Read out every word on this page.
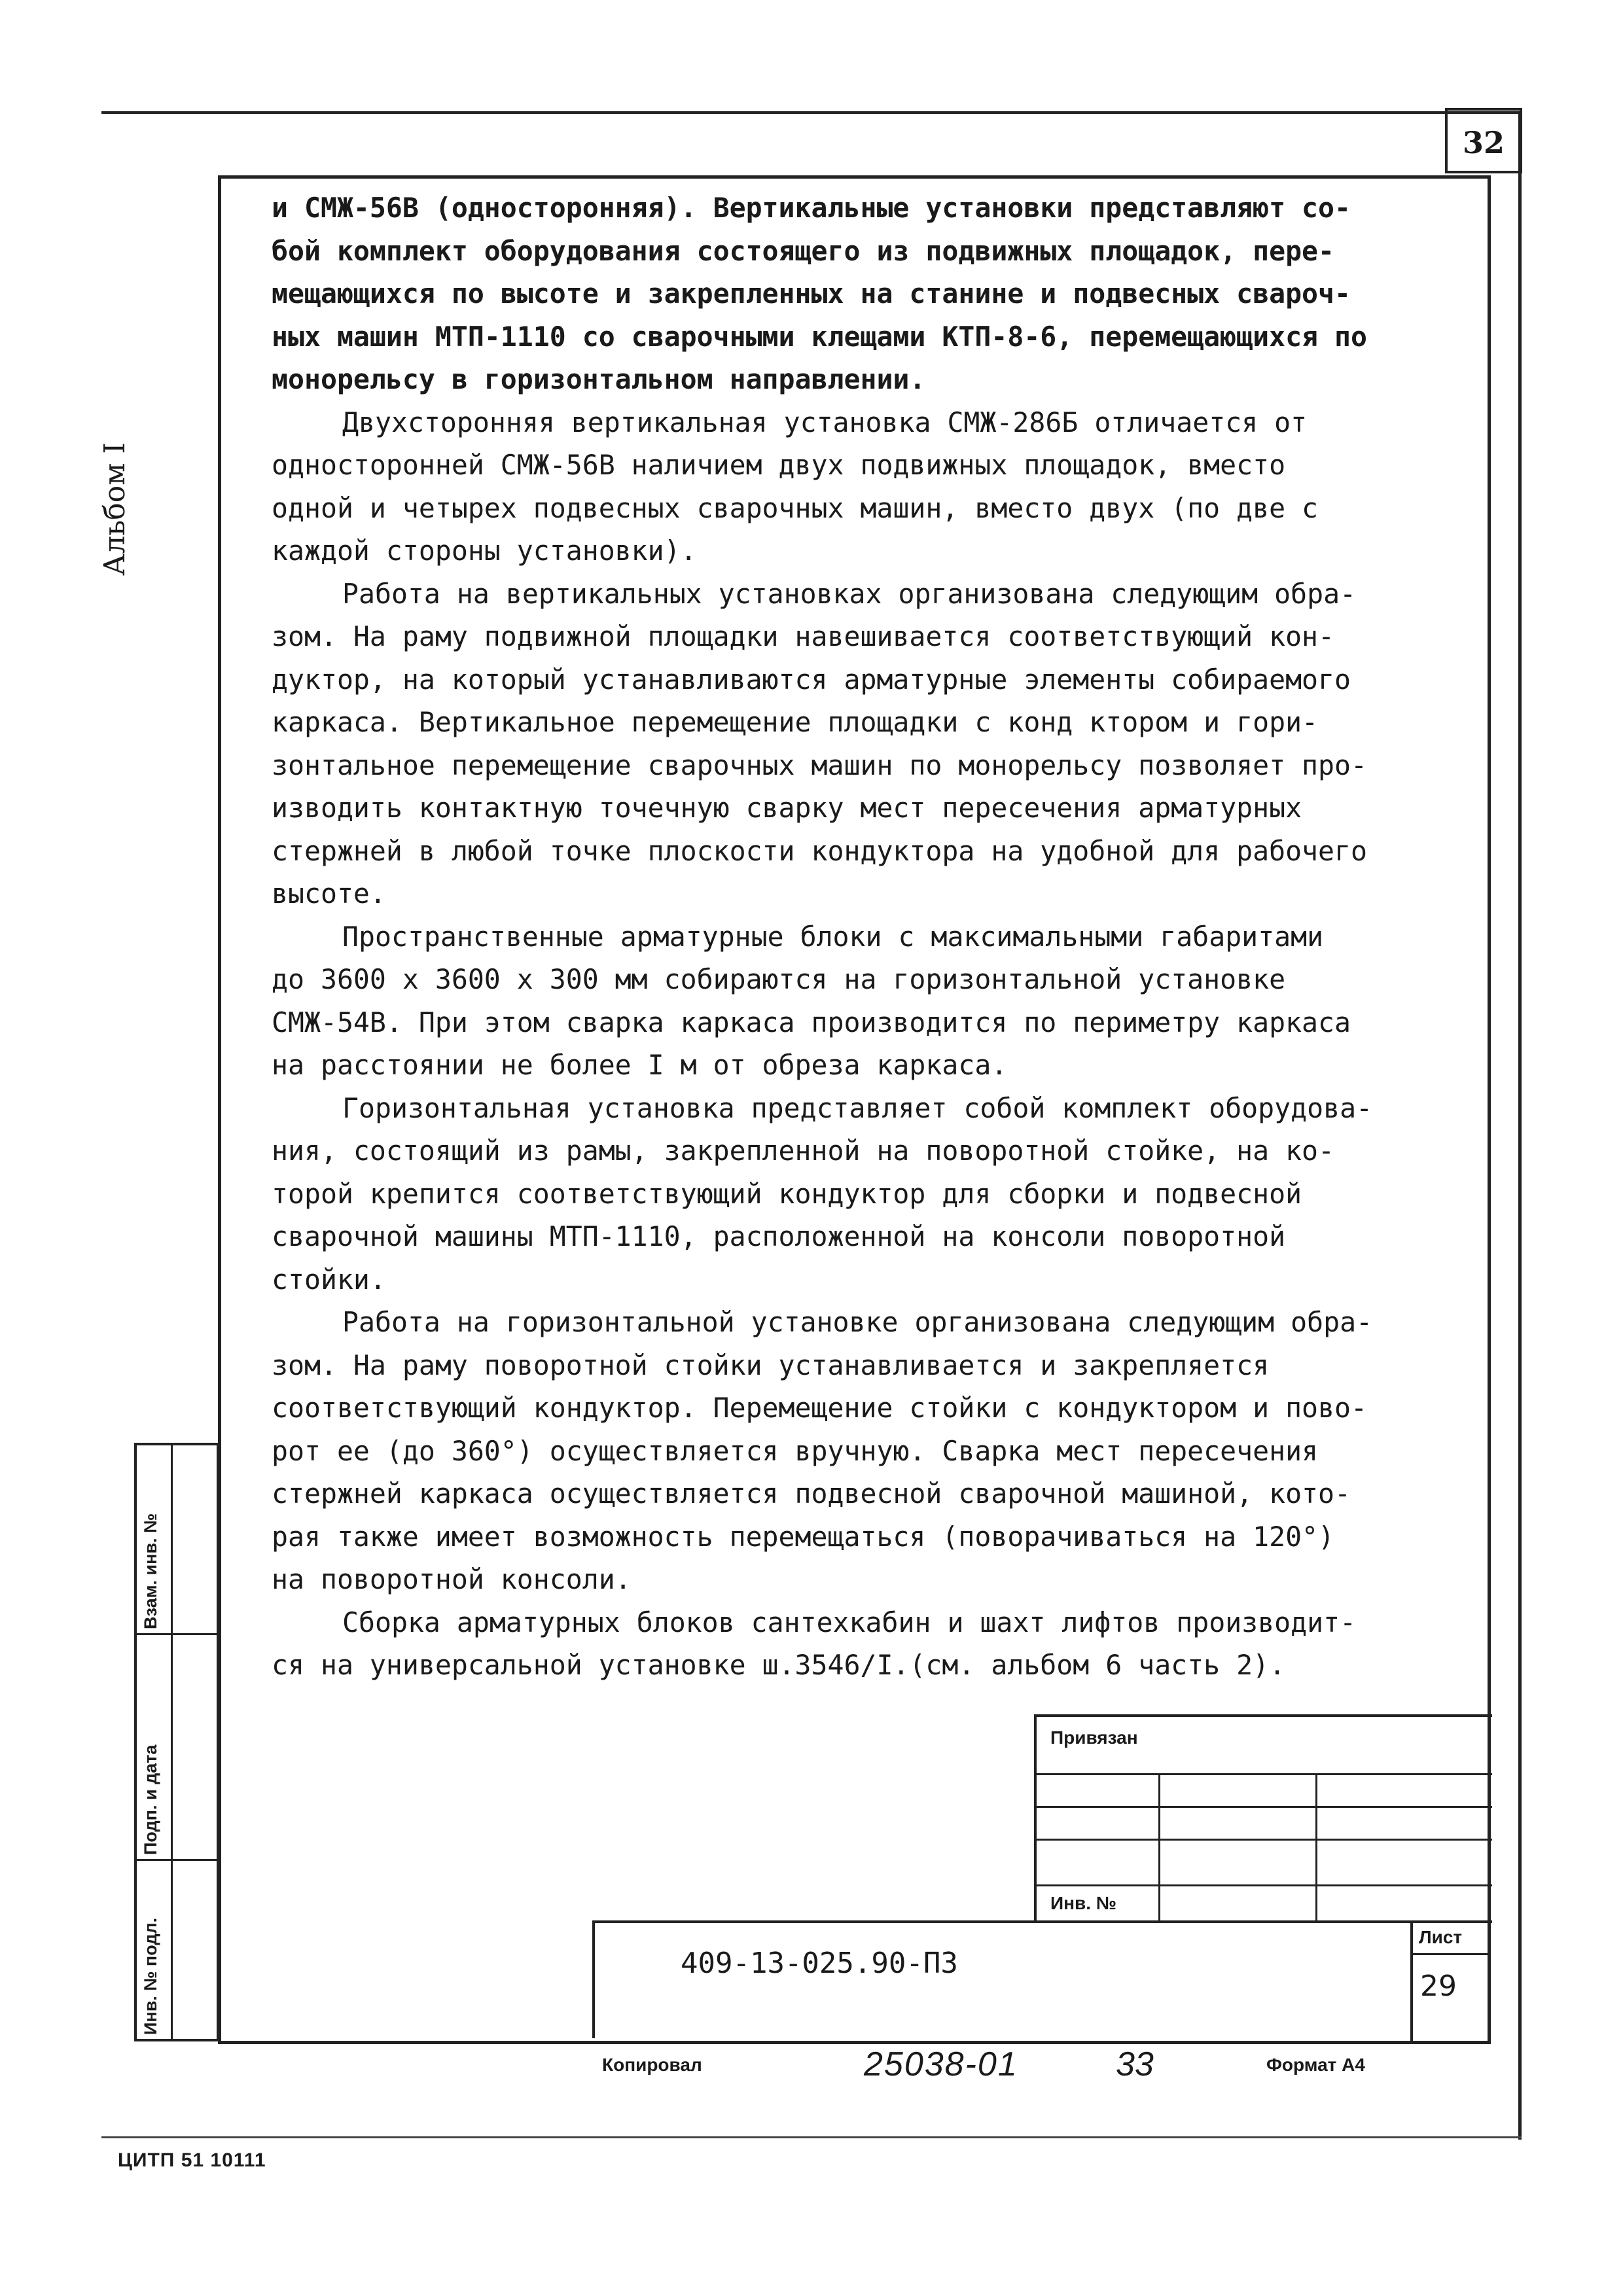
32
Альбом I
и СМЖ-56В (односторонняя). Вертикальные установки представляют со-
бой комплект оборудования состоящего из подвижных площадок, пере-
мещающихся по высоте и закрепленных на станине и подвесных свароч-
ных машин МТП-1110 со сварочными клещами КТП-8-6, перемещающихся по
монорельсу в горизонтальном направлении.
Двухсторонняя вертикальная установка СМЖ-286Б отличается от
односторонней СМЖ-56В наличием двух подвижных площадок, вместо
одной и четырех подвесных сварочных машин, вместо двух (по две с
каждой стороны установки).
Работа на вертикальных установках организована следующим обра-
зом. На раму подвижной площадки навешивается соответствующий кон-
дуктор, на который устанавливаются арматурные элементы собираемого
каркаса. Вертикальное перемещение площадки с конд ктором и гори-
зонтальное перемещение сварочных машин по монорельсу позволяет про-
изводить контактную точечную сварку мест пересечения арматурных
стержней в любой точке плоскости кондуктора на удобной для рабочего
высоте.
Пространственные арматурные блоки с максимальными габаритами
до 3600 х 3600 х 300 мм собираются на горизонтальной установке
СМЖ-54В. При этом сварка каркаса производится по периметру каркаса
на расстоянии не более I м от обреза каркаса.
Горизонтальная установка представляет собой комплект оборудова-
ния, состоящий из рамы, закрепленной на поворотной стойке, на ко-
торой крепится соответствующий кондуктор для сборки и подвесной
сварочной машины МТП-1110, расположенной на консоли поворотной
стойки.
Работа на горизонтальной установке организована следующим обра-
зом. На раму поворотной стойки устанавливается и закрепляется
соответствующий кондуктор. Перемещение стойки с кондуктором и пово-
рот ее (до 360°) осуществляется вручную. Сварка мест пересечения
стержней каркаса осуществляется подвесной сварочной машиной, кото-
рая также имеет возможность перемещаться (поворачиваться на 120°)
на поворотной консоли.
Сборка арматурных блоков сантехкабин и шахт лифтов производит-
ся на универсальной установке ш.3546/I.(см. альбом 6 часть 2).
Взам. инв. №
Подп. и дата
Инв. № подл.
Привязан
Инв. №
409-13-025.90-ПЗ
Лист
29
Копировал	25038-01	33	Формат А4
ЦИТП 51 10111
